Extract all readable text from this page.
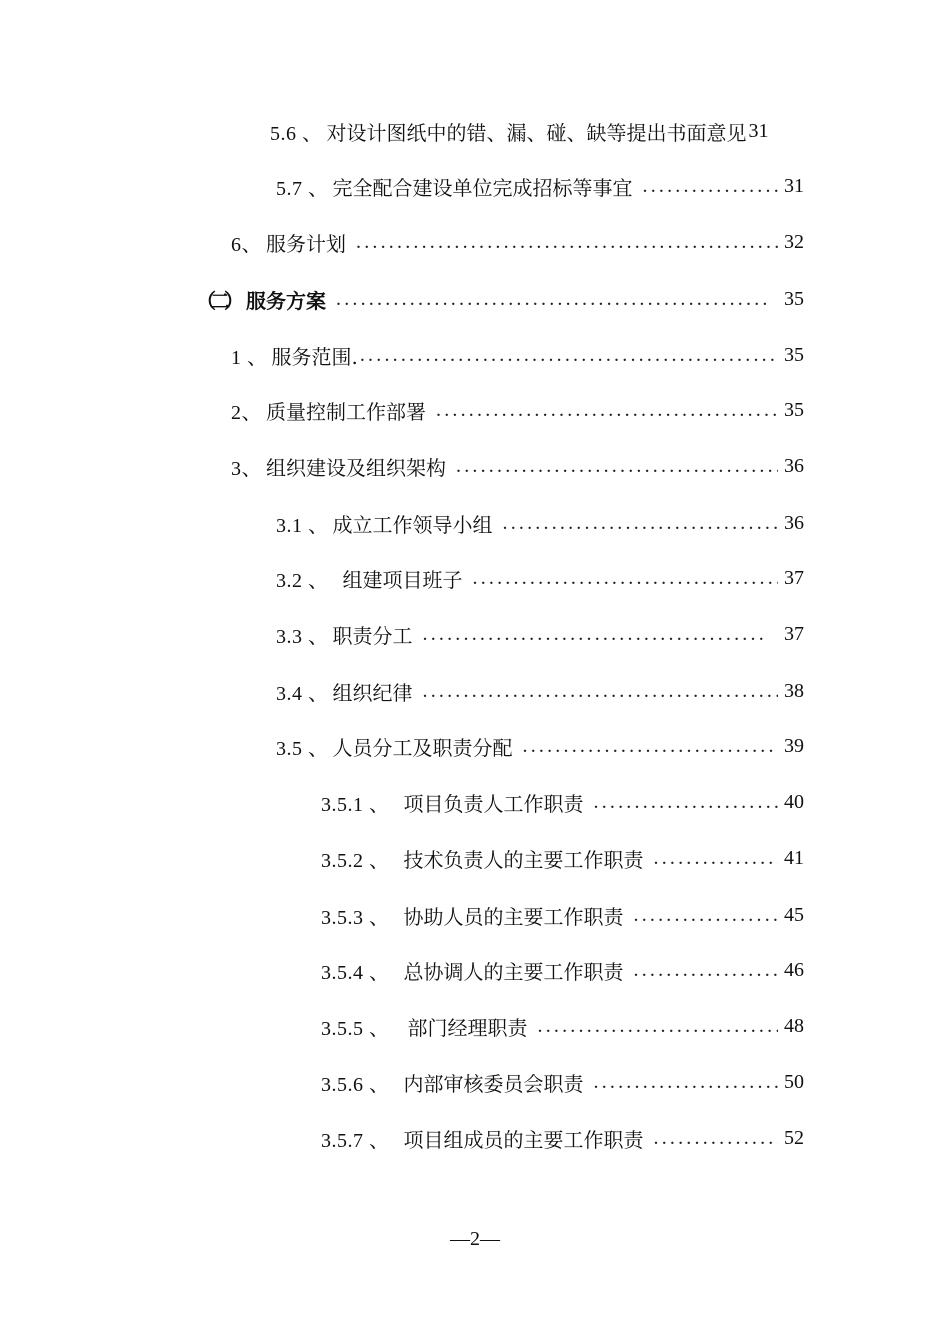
5.6 、 对设计图纸中的错、漏、碰、缺等提出书面意见 31
5.7 、 完全配合建设单位完成招标等事宜 .....	31
6、 服务计划 .....	32
（二） 服务方案 .....	35
1 、 服务范围. .....	35
2、 质量控制工作部署 .....	35
3、 组织建设及组织架构 .....	36
3.1 、 成立工作领导小组 .....	36
3.2 、 组建项目班子 .....	37
3.3 、 职责分工 .....	37
3.4 、 组织纪律 .....	38
3.5 、 人员分工及职责分配 .....	39
3.5.1 、 项目负责人工作职责 .....	40
3.5.2 、 技术负责人的主要工作职责 .....	41
3.5.3 、 协助人员的主要工作职责 .....	45
3.5.4 、 总协调人的主要工作职责 .....	46
3.5.5 、 部门经理职责 .....	48
3.5.6 、 内部审核委员会职责 .....	50
3.5.7 、 项目组成员的主要工作职责 .....	52
—2—
